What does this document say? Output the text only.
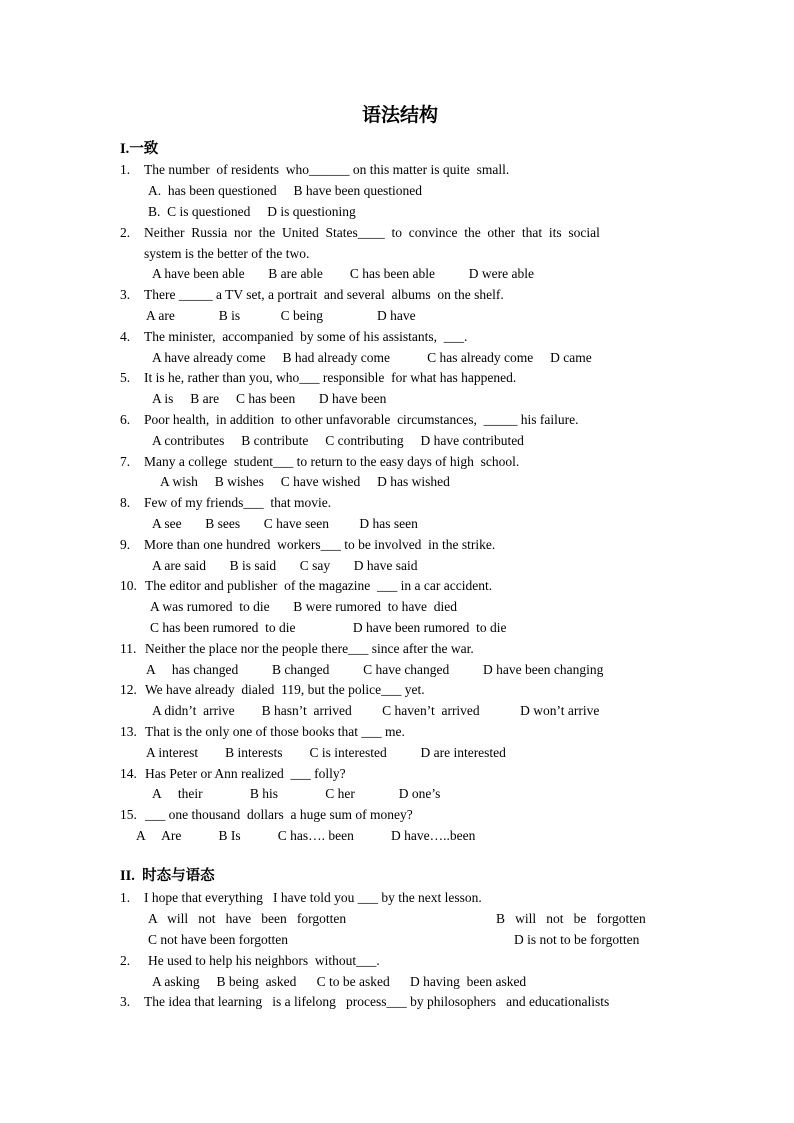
语法结构
I.一致
1. The number  of residents  who______ on this matter is quite  small.
A.  has been questioned     B have been questioned
B.  C is questioned     D is questioning
2. Neither  Russia  nor  the  United  States____  to  convince  the  other  that  its  social
system is the better of the two.
A have been able       B are able        C has been able          D were able
3. There _____ a TV set, a portrait  and several  albums  on the shelf.
A are             B is            C being                D have
4. The minister,  accompanied  by some of his assistants,  ___.
A have already come     B had already come           C has already come     D came
5. It is he, rather than you, who___ responsible  for what has happened.
A is     B are     C has been       D have been
6. Poor health,  in addition  to other unfavorable  circumstances,  _____ his failure.
A contributes     B contribute     C contributing     D have contributed
7. Many a college  student___ to return to the easy days of high  school.
A wish     B wishes     C have wished     D has wished
8. Few of my friends___  that movie.
A see       B sees       C have seen         D has seen
9. More than one hundred  workers___ to be involved  in the strike.
A are said       B is said       C say       D have said
10. The editor and publisher  of the magazine  ___ in a car accident.
A was rumored  to die       B were rumored  to have  died
C has been rumored  to die                 D have been rumored  to die
11. Neither the place nor the people there___ since after the war.
A     has changed          B changed          C have changed          D have been changing
12. We have already  dialed  119, but the police___ yet.
A didn’t  arrive        B hasn’t  arrived         C haven’t  arrived            D won’t arrive
13. That is the only one of those books that ___ me.
A interest        B interests        C is interested          D are interested
14. Has Peter or Ann realized  ___ folly?
A     their              B his              C her             D one’s
15. ___ one thousand  dollars  a huge sum of money?
A     Are           B Is           C has…. been           D have…..been
II.  时态与语态
1. I hope that everything   I have told you ___ by the next lesson.
A   will   not   have   been   forgotten	B   will   not   be   forgotten
C not have been forgotten	D is not to be forgotten
2. He used to help his neighbors  without___.
A asking     B being  asked      C to be asked      D having  been asked
3. The idea that learning   is a lifelong   process___ by philosophers   and educationalists
